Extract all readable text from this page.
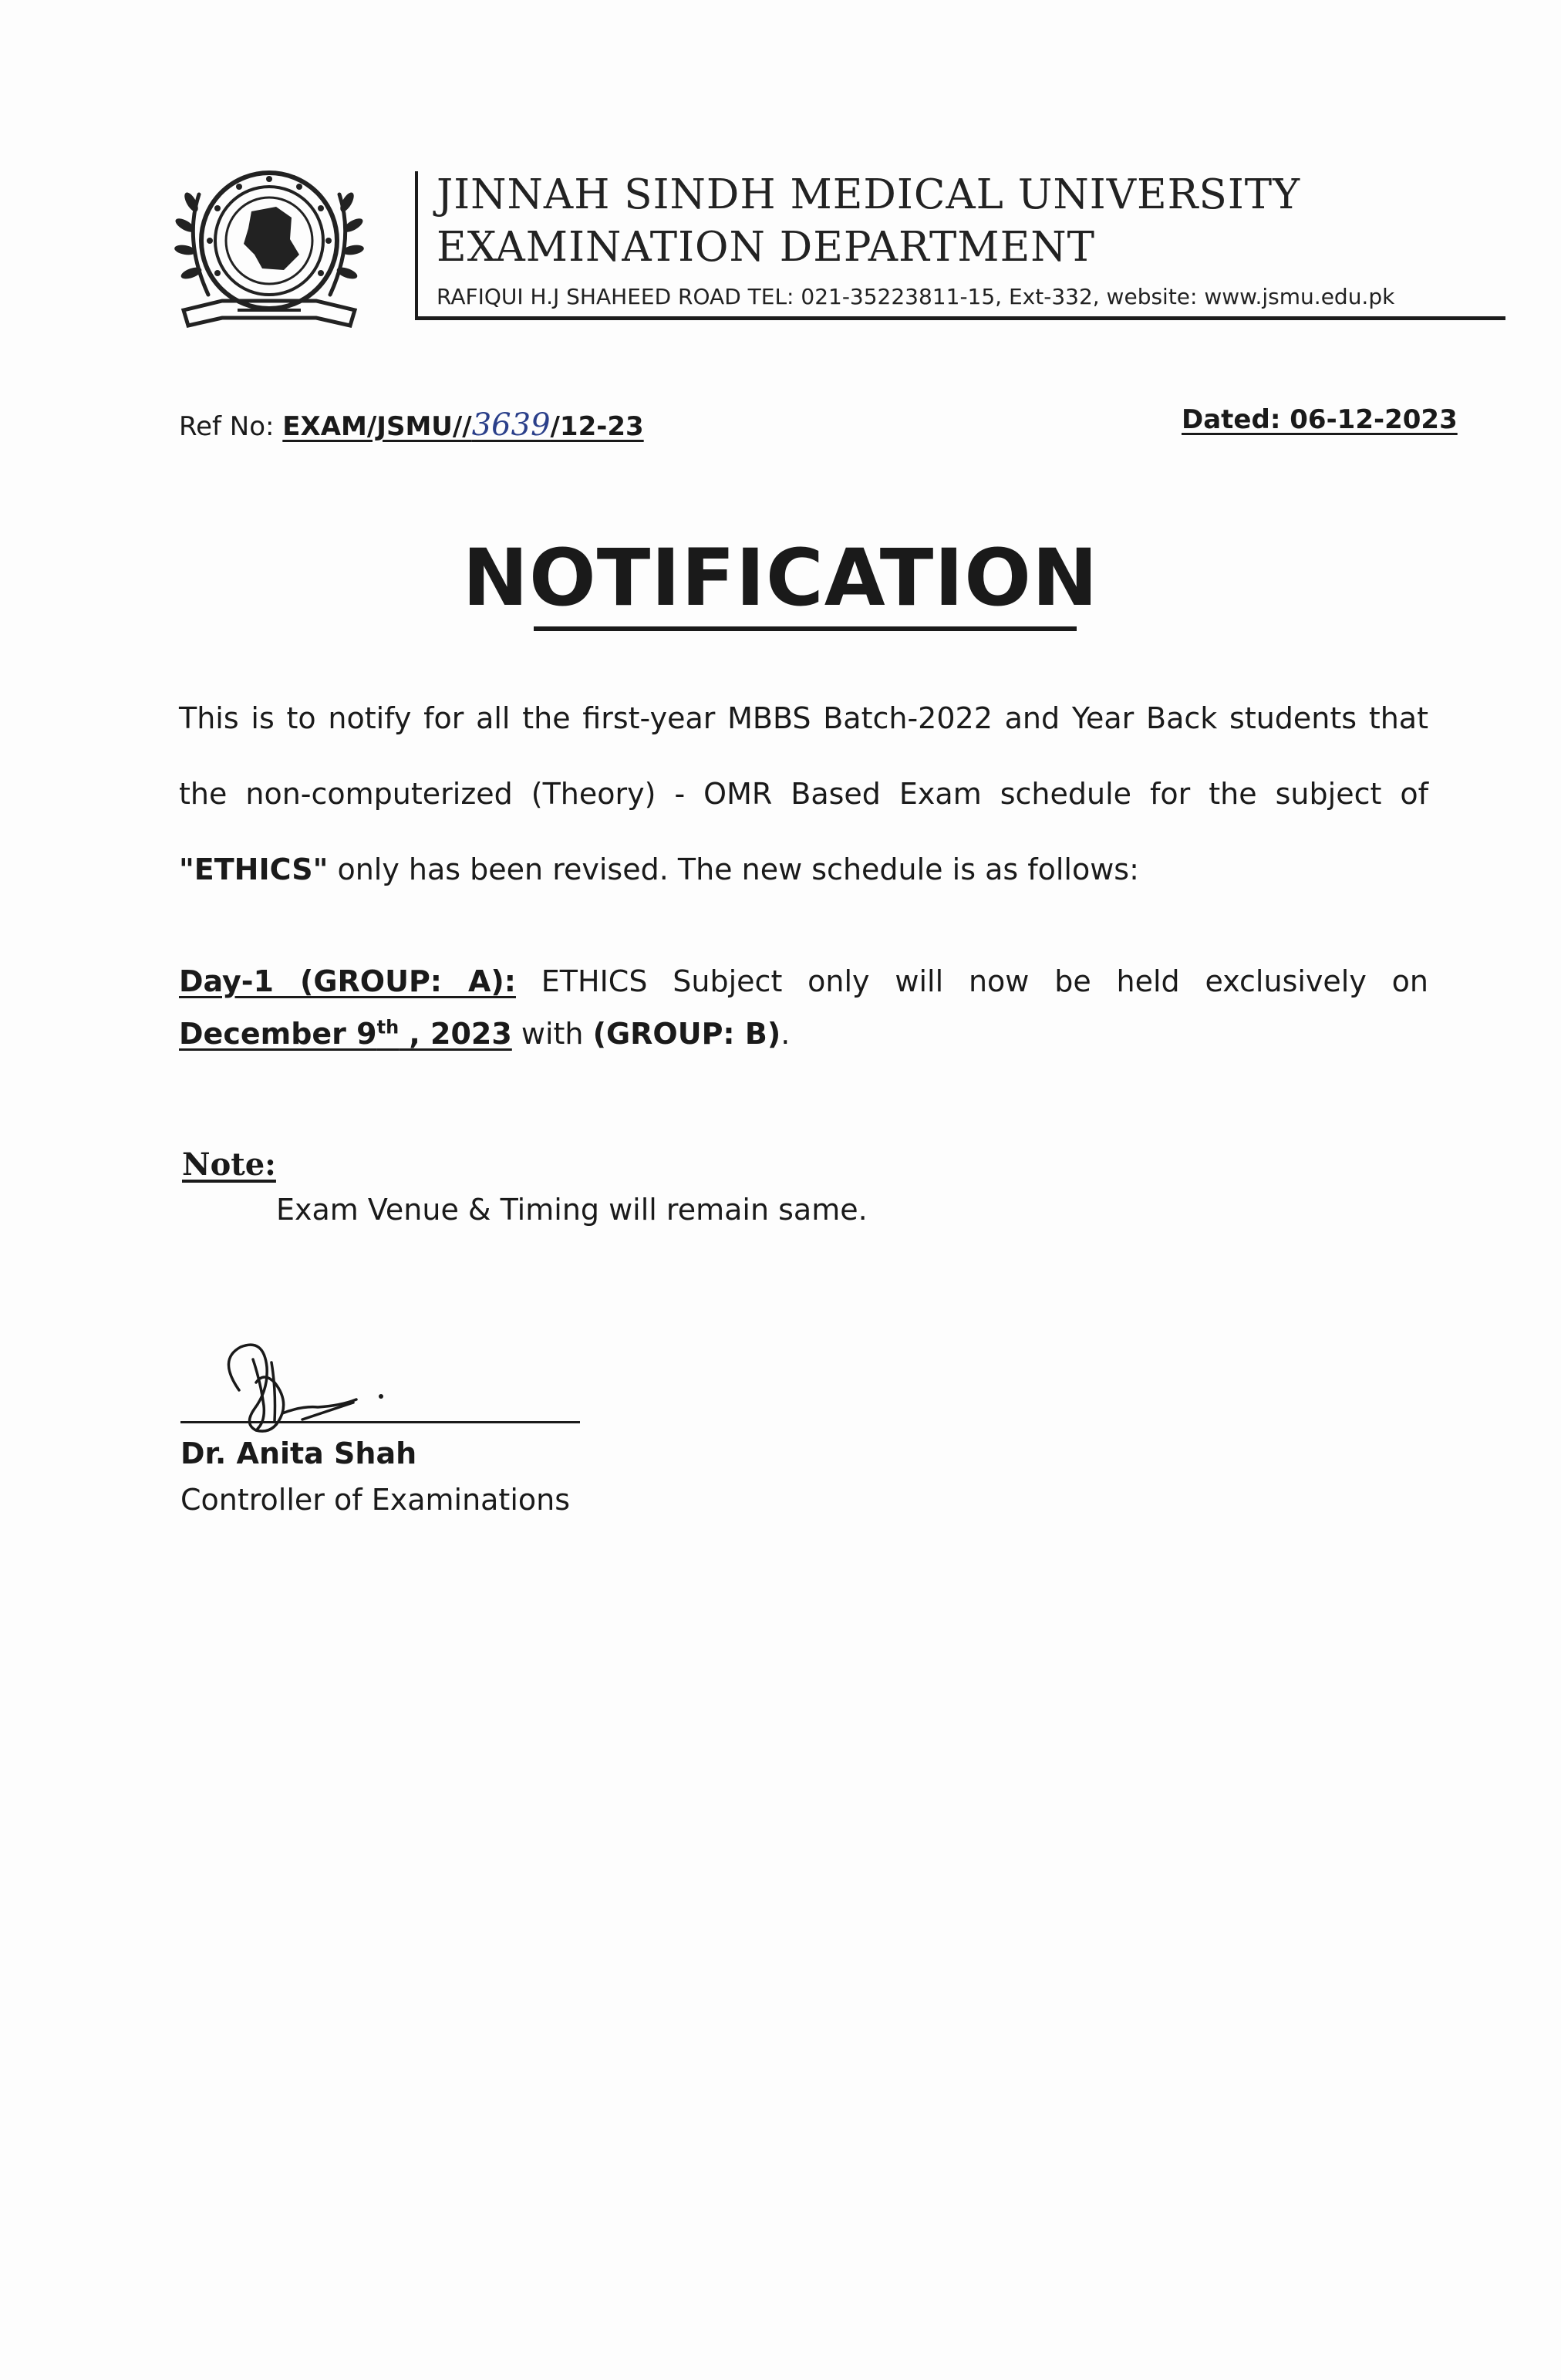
JINNAH SINDH MEDICAL UNIVERSITY
EXAMINATION DEPARTMENT
RAFIQUI H.J SHAHEED ROAD TEL: 021-35223811-15, Ext-332, website: www.jsmu.edu.pk
Ref No: EXAM/JSMU//3639/12-23	Dated: 06-12-2023
NOTIFICATION
This is to notify for all the first-year MBBS Batch-2022 and Year Back students that the non-computerized (Theory) - OMR Based Exam schedule for the subject of "ETHICS" only has been revised. The new schedule is as follows:
Day-1 (GROUP: A): ETHICS Subject only will now be held exclusively on December 9th , 2023 with (GROUP: B).
Note:
Exam Venue & Timing will remain same.
Dr. Anita Shah
Controller of Examinations
